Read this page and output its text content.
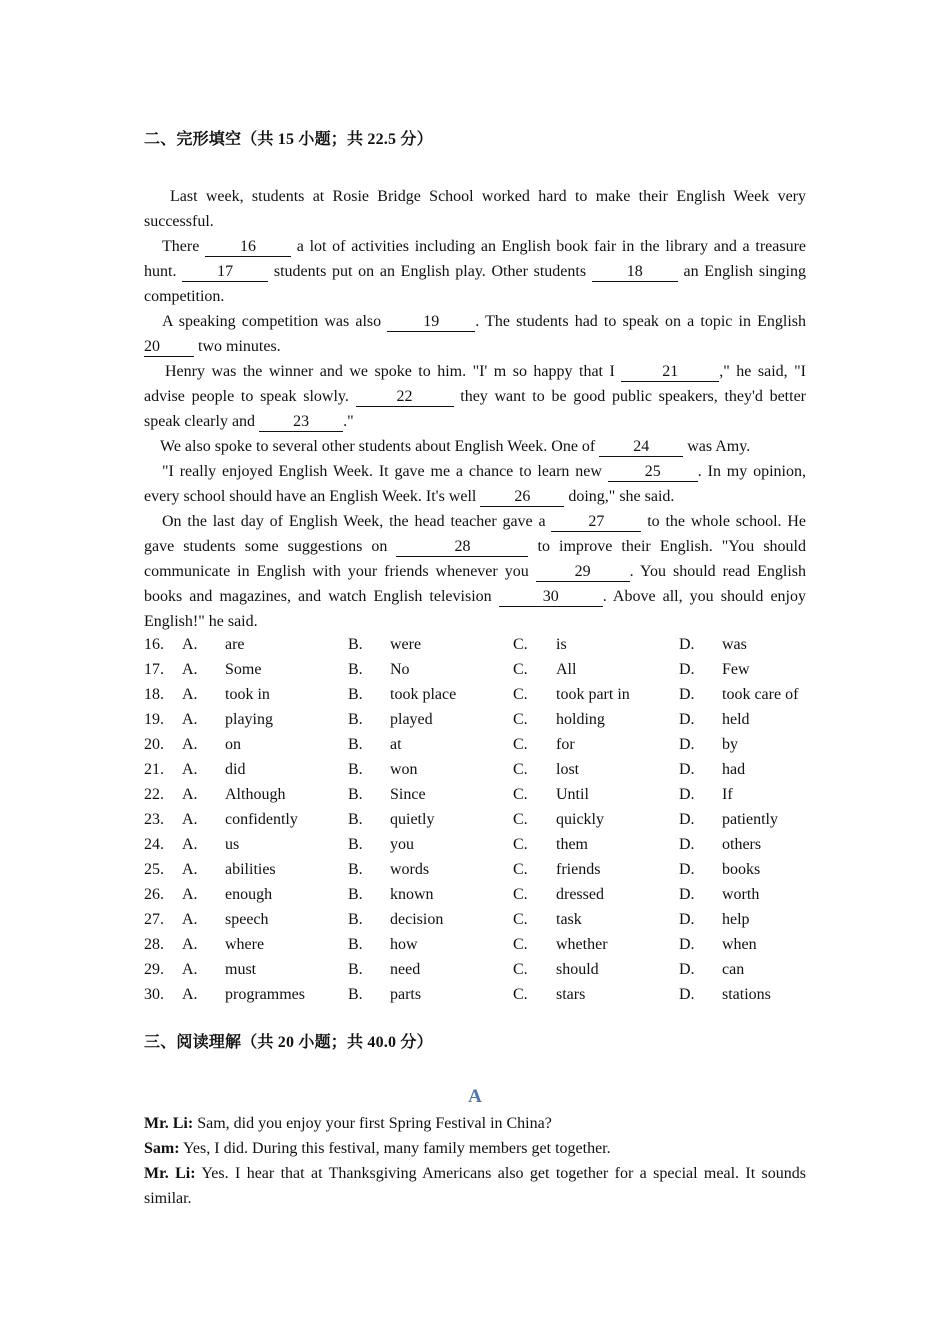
二、完形填空（共 15 小题；共 22.5 分）

Last week, students at Rosie Bridge School worked hard to make their English Week very successful.

There 16 a lot of activities including an English book fair in the library and a treasure hunt. 17 students put on an English play. Other students 18 an English singing competition.

A speaking competition was also 19 . The students had to speak on a topic in English 20 two minutes.

Henry was the winner and we spoke to him. "I' m so happy that I	21	," he said, "I advise people to speak slowly.	22	they want to be good public speakers, they'd better speak clearly and 23 ."

We also spoke to several other students about English Week. One of 24 was Amy.

"I really enjoyed English Week. It gave me a chance to learn new 25 . In my opinion, every school should have an English Week. It's well 26 doing," she said.

On the last day of English Week, the head teacher gave a 27 to the whole school. He gave students some suggestions on	28	to improve their English. "You should communicate in English with your friends whenever you 29 . You should read English books and magazines, and watch English television	30	. Above all, you should enjoy English!" he said.

16. A. are	B. were	C. is	D. was
17. A. Some	B. No	C. All	D. Few
18. A. took in	B. took place	C. took part in	D. took care of
19. A. playing	B. played	C. holding	D. held
20. A. on	B. at	C. for	D. by
21. A. did	B. won	C. lost	D. had
22. A. Although	B. Since	C. Until	D. If
23. A. confidently	B. quietly	C. quickly	D. patiently
24. A. us	B. you	C. them	D. others
25. A. abilities	B. words	C. friends	D. books
26. A. enough	B. known	C. dressed	D. worth
27. A. speech	B. decision	C. task	D. help
28. A. where	B. how	C. whether	D. when
29. A. must	B. need	C. should	D. can
30. A. programmes	B. parts	C. stars	D. stations
三、阅读理解（共 20 小题；共 40.0 分）
A

Mr. Li: Sam, did you enjoy your first Spring Festival in China?

Sam: Yes, I did. During this festival, many family members get together.

Mr. Li: Yes. I hear that at Thanksgiving Americans also get together for a special meal. It sounds similar.
